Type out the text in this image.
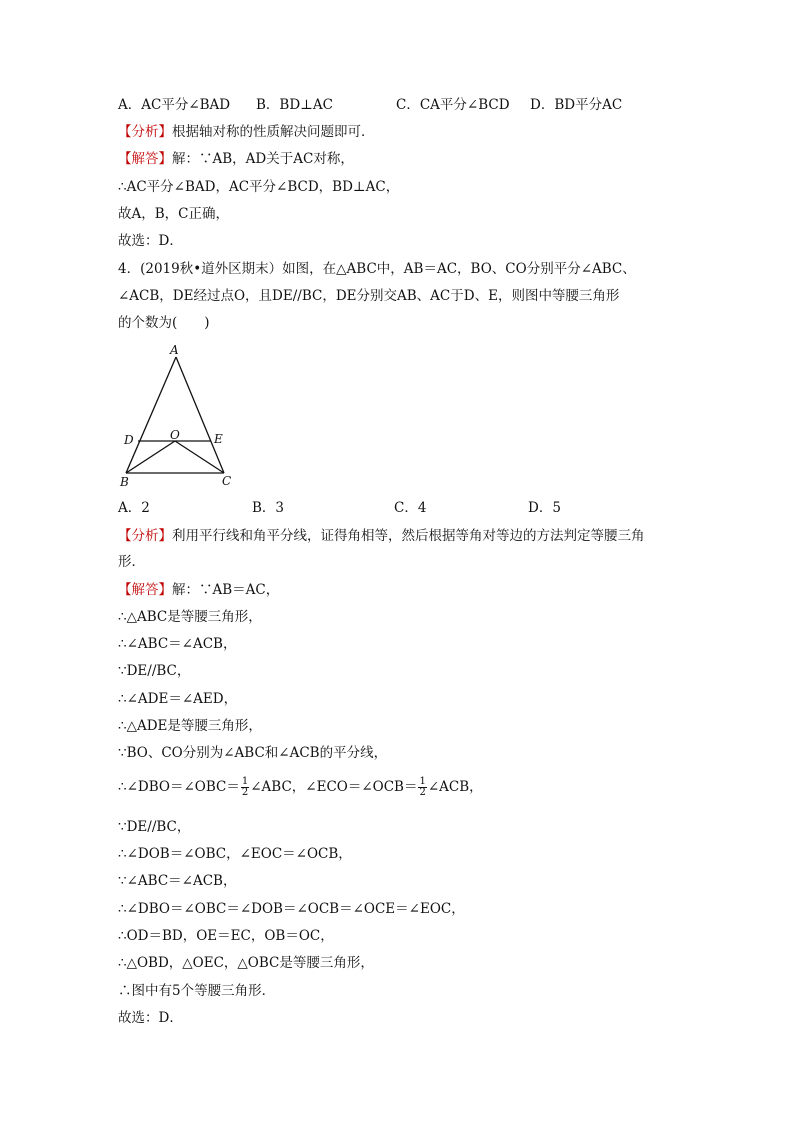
A．AC平分∠BAD	B．BD⊥AC	C．CA平分∠BCD	D．BD平分AC
【分析】根据轴对称的性质解决问题即可．
【解答】解：∵AB，AD关于AC对称，
∴AC平分∠BAD，AC平分∠BCD，BD⊥AC，
故A，B，C正确，
故选：D．
4．(2019秋•道外区期末）如图，在△ABC中，AB＝AC，BO、CO分别平分∠ABC、
∠ACB，DE经过点O，且DE//BC，DE分别交AB、AC于D、E，则图中等腰三角形
的个数为(　　)
A
D	O	E
B	C
A．2	B．3	C．4	D．5
【分析】利用平行线和角平分线，证得角相等，然后根据等角对等边的方法判定等腰三角
形．
【解答】解：∵AB＝AC，
∴△ABC是等腰三角形，
∴∠ABC＝∠ACB，
∵DE//BC，
∴∠ADE＝∠AED，
∴△ADE是等腰三角形，
∵BO、CO分别为∠ABC和∠ACB的平分线，
∴∠DBO＝∠OBC＝ $\frac{1}{2}$ ∠ABC，∠ECO＝∠OCB＝ $\frac{1}{2}$ ∠ACB，
∵DE//BC，
∴∠DOB＝∠OBC，∠EOC＝∠OCB，
∵∠ABC＝∠ACB，
∴∠DBO＝∠OBC＝∠DOB＝∠OCB＝∠OCE＝∠EOC，
∴OD＝BD，OE＝EC，OB＝OC，
∴△OBD，△OEC，△OBC是等腰三角形，
∴图中有5个等腰三角形．
故选：D．
